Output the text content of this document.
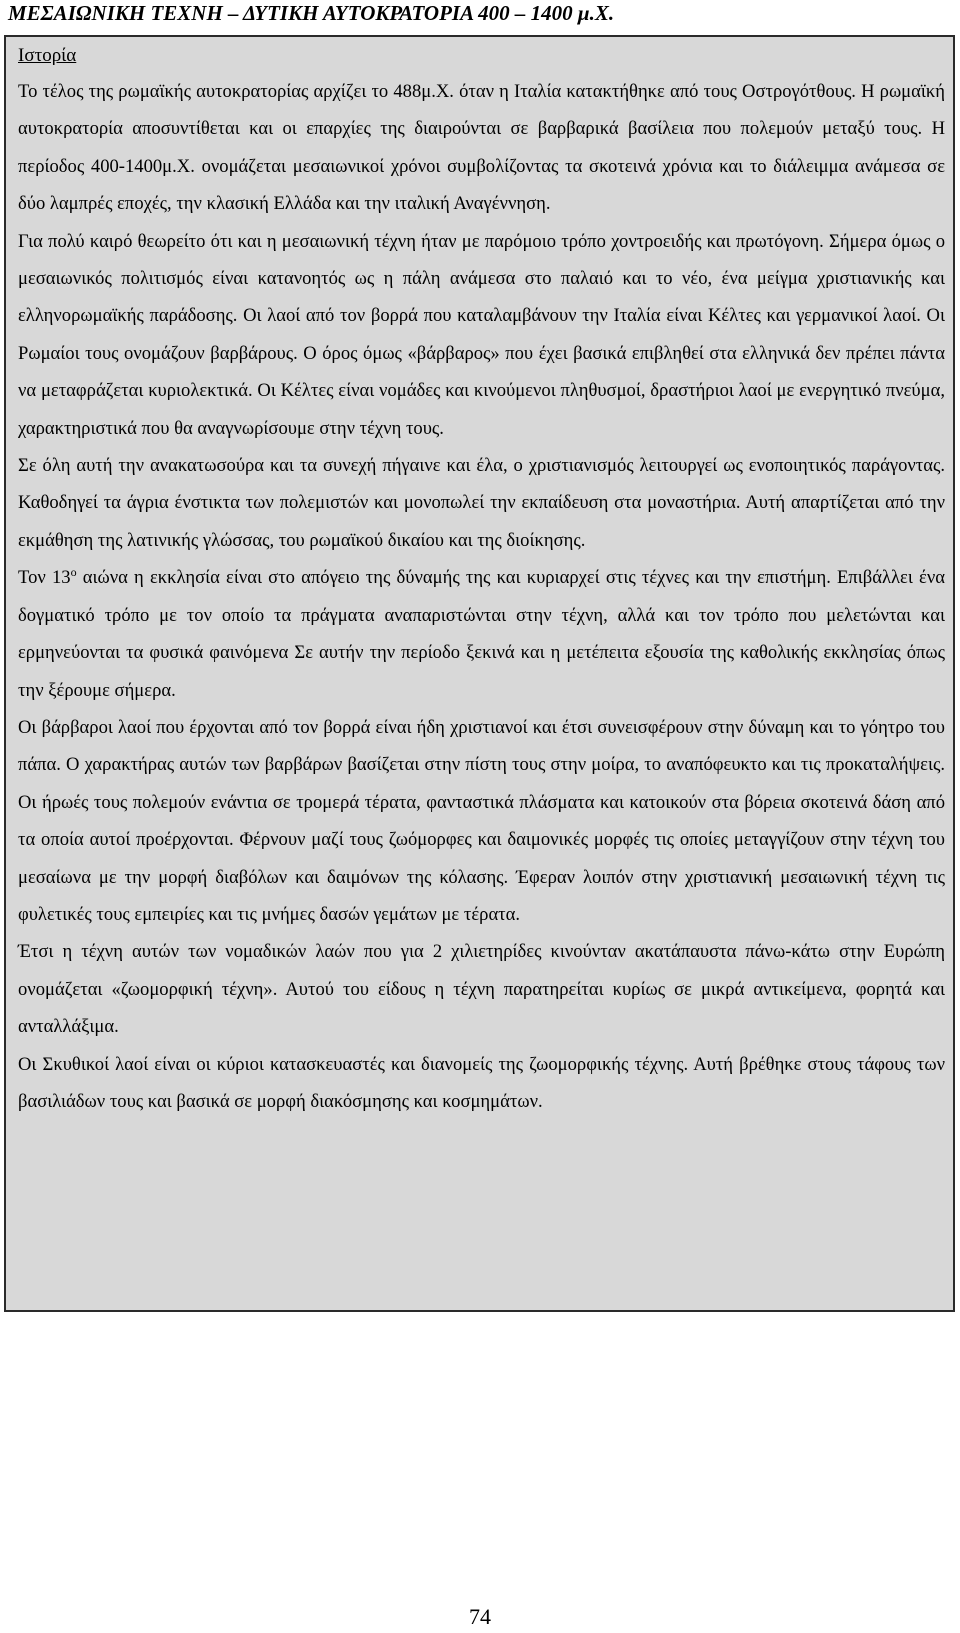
ΜΕΣΑΙΩΝΙΚΗ ΤΕΧΝΗ – ΔΥΤΙΚΗ ΑΥΤΟΚΡΑΤΟΡΙΑ 400 – 1400 μ.Χ.

Ιστορία

Το τέλος της ρωμαϊκής αυτοκρατορίας αρχίζει το 488μ.Χ. όταν η Ιταλία κατακτήθηκε από τους Οστρογότθους. Η ρωμαϊκή αυτοκρατορία αποσυντίθεται και οι επαρχίες της διαιρούνται σε βαρβαρικά βασίλεια που πολεμούν μεταξύ τους. Η περίοδος 400-1400μ.Χ. ονομάζεται μεσαιωνικοί χρόνοι συμβολίζοντας τα σκοτεινά χρόνια και το διάλειμμα ανάμεσα σε δύο λαμπρές εποχές, την κλασική Ελλάδα και την ιταλική Αναγέννηση.

Για πολύ καιρό θεωρείτο ότι και η μεσαιωνική τέχνη ήταν με παρόμοιο τρόπο χοντροειδής και πρωτόγονη. Σήμερα όμως ο μεσαιωνικός πολιτισμός είναι κατανοητός ως η πάλη ανάμεσα στο παλαιό και το νέο, ένα μείγμα χριστιανικής και ελληνορωμαϊκής παράδοσης. Οι λαοί από τον βορρά που καταλαμβάνουν την Ιταλία είναι Κέλτες και γερμανικοί λαοί. Οι Ρωμαίοι τους ονομάζουν βαρβάρους. Ο όρος όμως «βάρβαρος» που έχει βασικά επιβληθεί στα ελληνικά δεν πρέπει πάντα να μεταφράζεται κυριολεκτικά. Οι Κέλτες είναι νομάδες και κινούμενοι πληθυσμοί, δραστήριοι λαοί με ενεργητικό πνεύμα, χαρακτηριστικά που θα αναγνωρίσουμε στην τέχνη τους.

Σε όλη αυτή την ανακατωσούρα και τα συνεχή πήγαινε και έλα, ο χριστιανισμός λειτουργεί ως ενοποιητικός παράγοντας. Καθοδηγεί τα άγρια ένστικτα των πολεμιστών και μονοπωλεί την εκπαίδευση στα μοναστήρια. Αυτή απαρτίζεται από την εκμάθηση της λατινικής γλώσσας, του ρωμαϊκού δικαίου και της διοίκησης.

Τον $13^o$ αιώνα η εκκλησία είναι στο απόγειο της δύναμής της και κυριαρχεί στις τέχνες και την επιστήμη. Επιβάλλει ένα δογματικό τρόπο με τον οποίο τα πράγματα αναπαριστώνται στην τέχνη, αλλά και τον τρόπο που μελετώνται και ερμηνεύονται τα φυσικά φαινόμενα Σε αυτήν την περίοδο ξεκινά και η μετέπειτα εξουσία της καθολικής εκκλησίας όπως την ξέρουμε σήμερα.

Οι βάρβαροι λαοί που έρχονται από τον βορρά είναι ήδη χριστιανοί και έτσι συνεισφέρουν στην δύναμη και το γόητρο του πάπα. Ο χαρακτήρας αυτών των βαρβάρων βασίζεται στην πίστη τους στην μοίρα, το αναπόφευκτο και τις προκαταλήψεις. Οι ήρωές τους πολεμούν ενάντια σε τρομερά τέρατα, φανταστικά πλάσματα και κατοικούν στα βόρεια σκοτεινά δάση από τα οποία αυτοί προέρχονται. Φέρνουν μαζί τους ζωόμορφες και δαιμονικές μορφές τις οποίες μεταγγίζουν στην τέχνη του μεσαίωνα με την μορφή διαβόλων και δαιμόνων της κόλασης. Έφεραν λοιπόν στην χριστιανική μεσαιωνική τέχνη τις φυλετικές τους εμπειρίες και τις μνήμες δασών γεμάτων με τέρατα.

Έτσι η τέχνη αυτών των νομαδικών λαών που για 2 χιλιετηρίδες κινούνταν ακατάπαυστα πάνω-κάτω στην Ευρώπη ονομάζεται «ζωομορφική τέχνη». Αυτού του είδους η τέχνη παρατηρείται κυρίως σε μικρά αντικείμενα, φορητά και ανταλλάξιμα.

Οι Σκυθικοί λαοί είναι οι κύριοι κατασκευαστές και διανομείς της ζωομορφικής τέχνης. Αυτή βρέθηκε στους τάφους των βασιλιάδων τους και βασικά σε μορφή διακόσμησης και κοσμημάτων.

74
